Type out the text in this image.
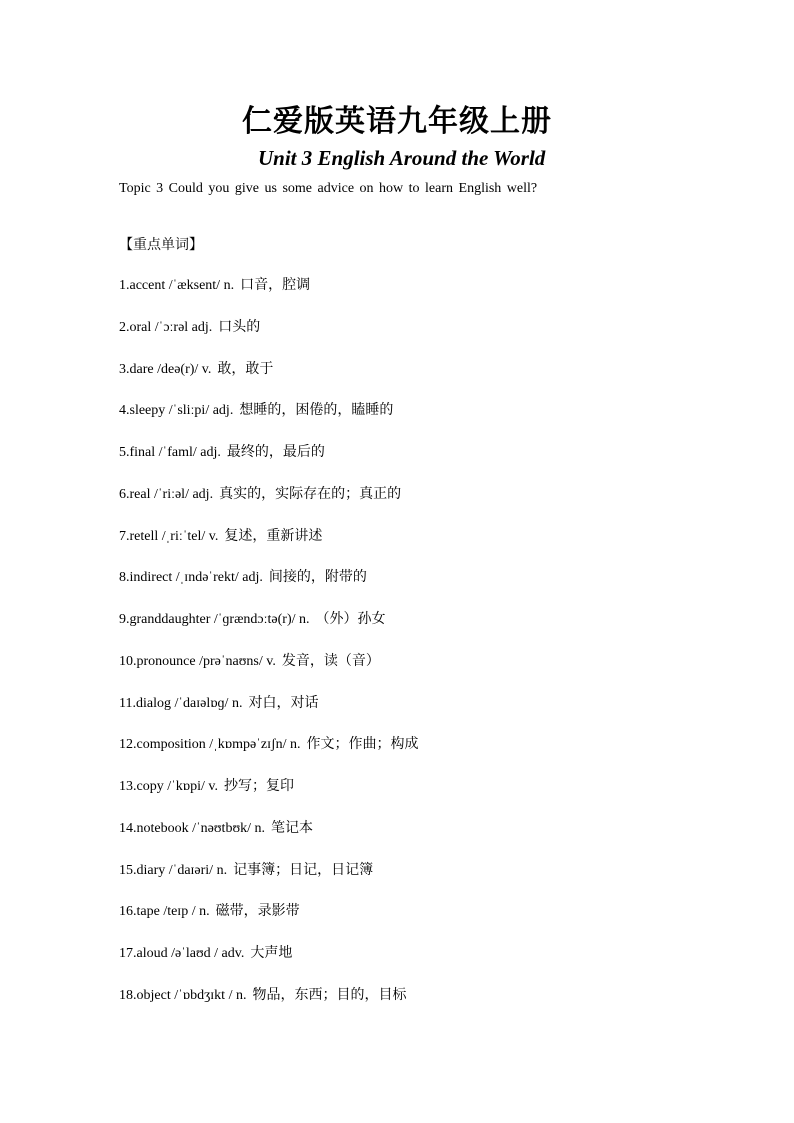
仁爱版英语九年级上册
Unit 3 English Around the World
Topic 3 Could you give us some advice on how to learn English well?
【重点单词】
1.accent /ˈæksent/ n. 口音，腔调
2.oral /ˈɔːrəl adj. 口头的
3.dare /deə(r)/ v. 敢，敢于
4.sleepy /ˈsliːpi/ adj. 想睡的，困倦的，瞌睡的
5.final /ˈfaml/ adj. 最终的，最后的
6.real /ˈriːəl/ adj. 真实的，实际存在的；真正的
7.retell /ˌriːˈtel/ v. 复述，重新讲述
8.indirect /ˌɪndəˈrekt/ adj. 间接的，附带的
9.granddaughter /ˈɡrændɔːtə(r)/ n. （外）孙女
10.pronounce /prəˈnaʊns/ v. 发音，读（音）
11.dialog /ˈdaɪəlɒɡ/ n. 对白，对话
12.composition /ˌkɒmpəˈzɪʃn/ n. 作文；作曲；构成
13.copy /ˈkɒpi/ v. 抄写；复印
14.notebook /ˈnəʊtbʊk/ n. 笔记本
15.diary /ˈdaɪəri/ n. 记事簿；日记，日记簿
16.tape /teɪp / n. 磁带，录影带
17.aloud /əˈlaʊd / adv. 大声地
18.object /ˈɒbdʒɪkt / n. 物品，东西；目的，目标
